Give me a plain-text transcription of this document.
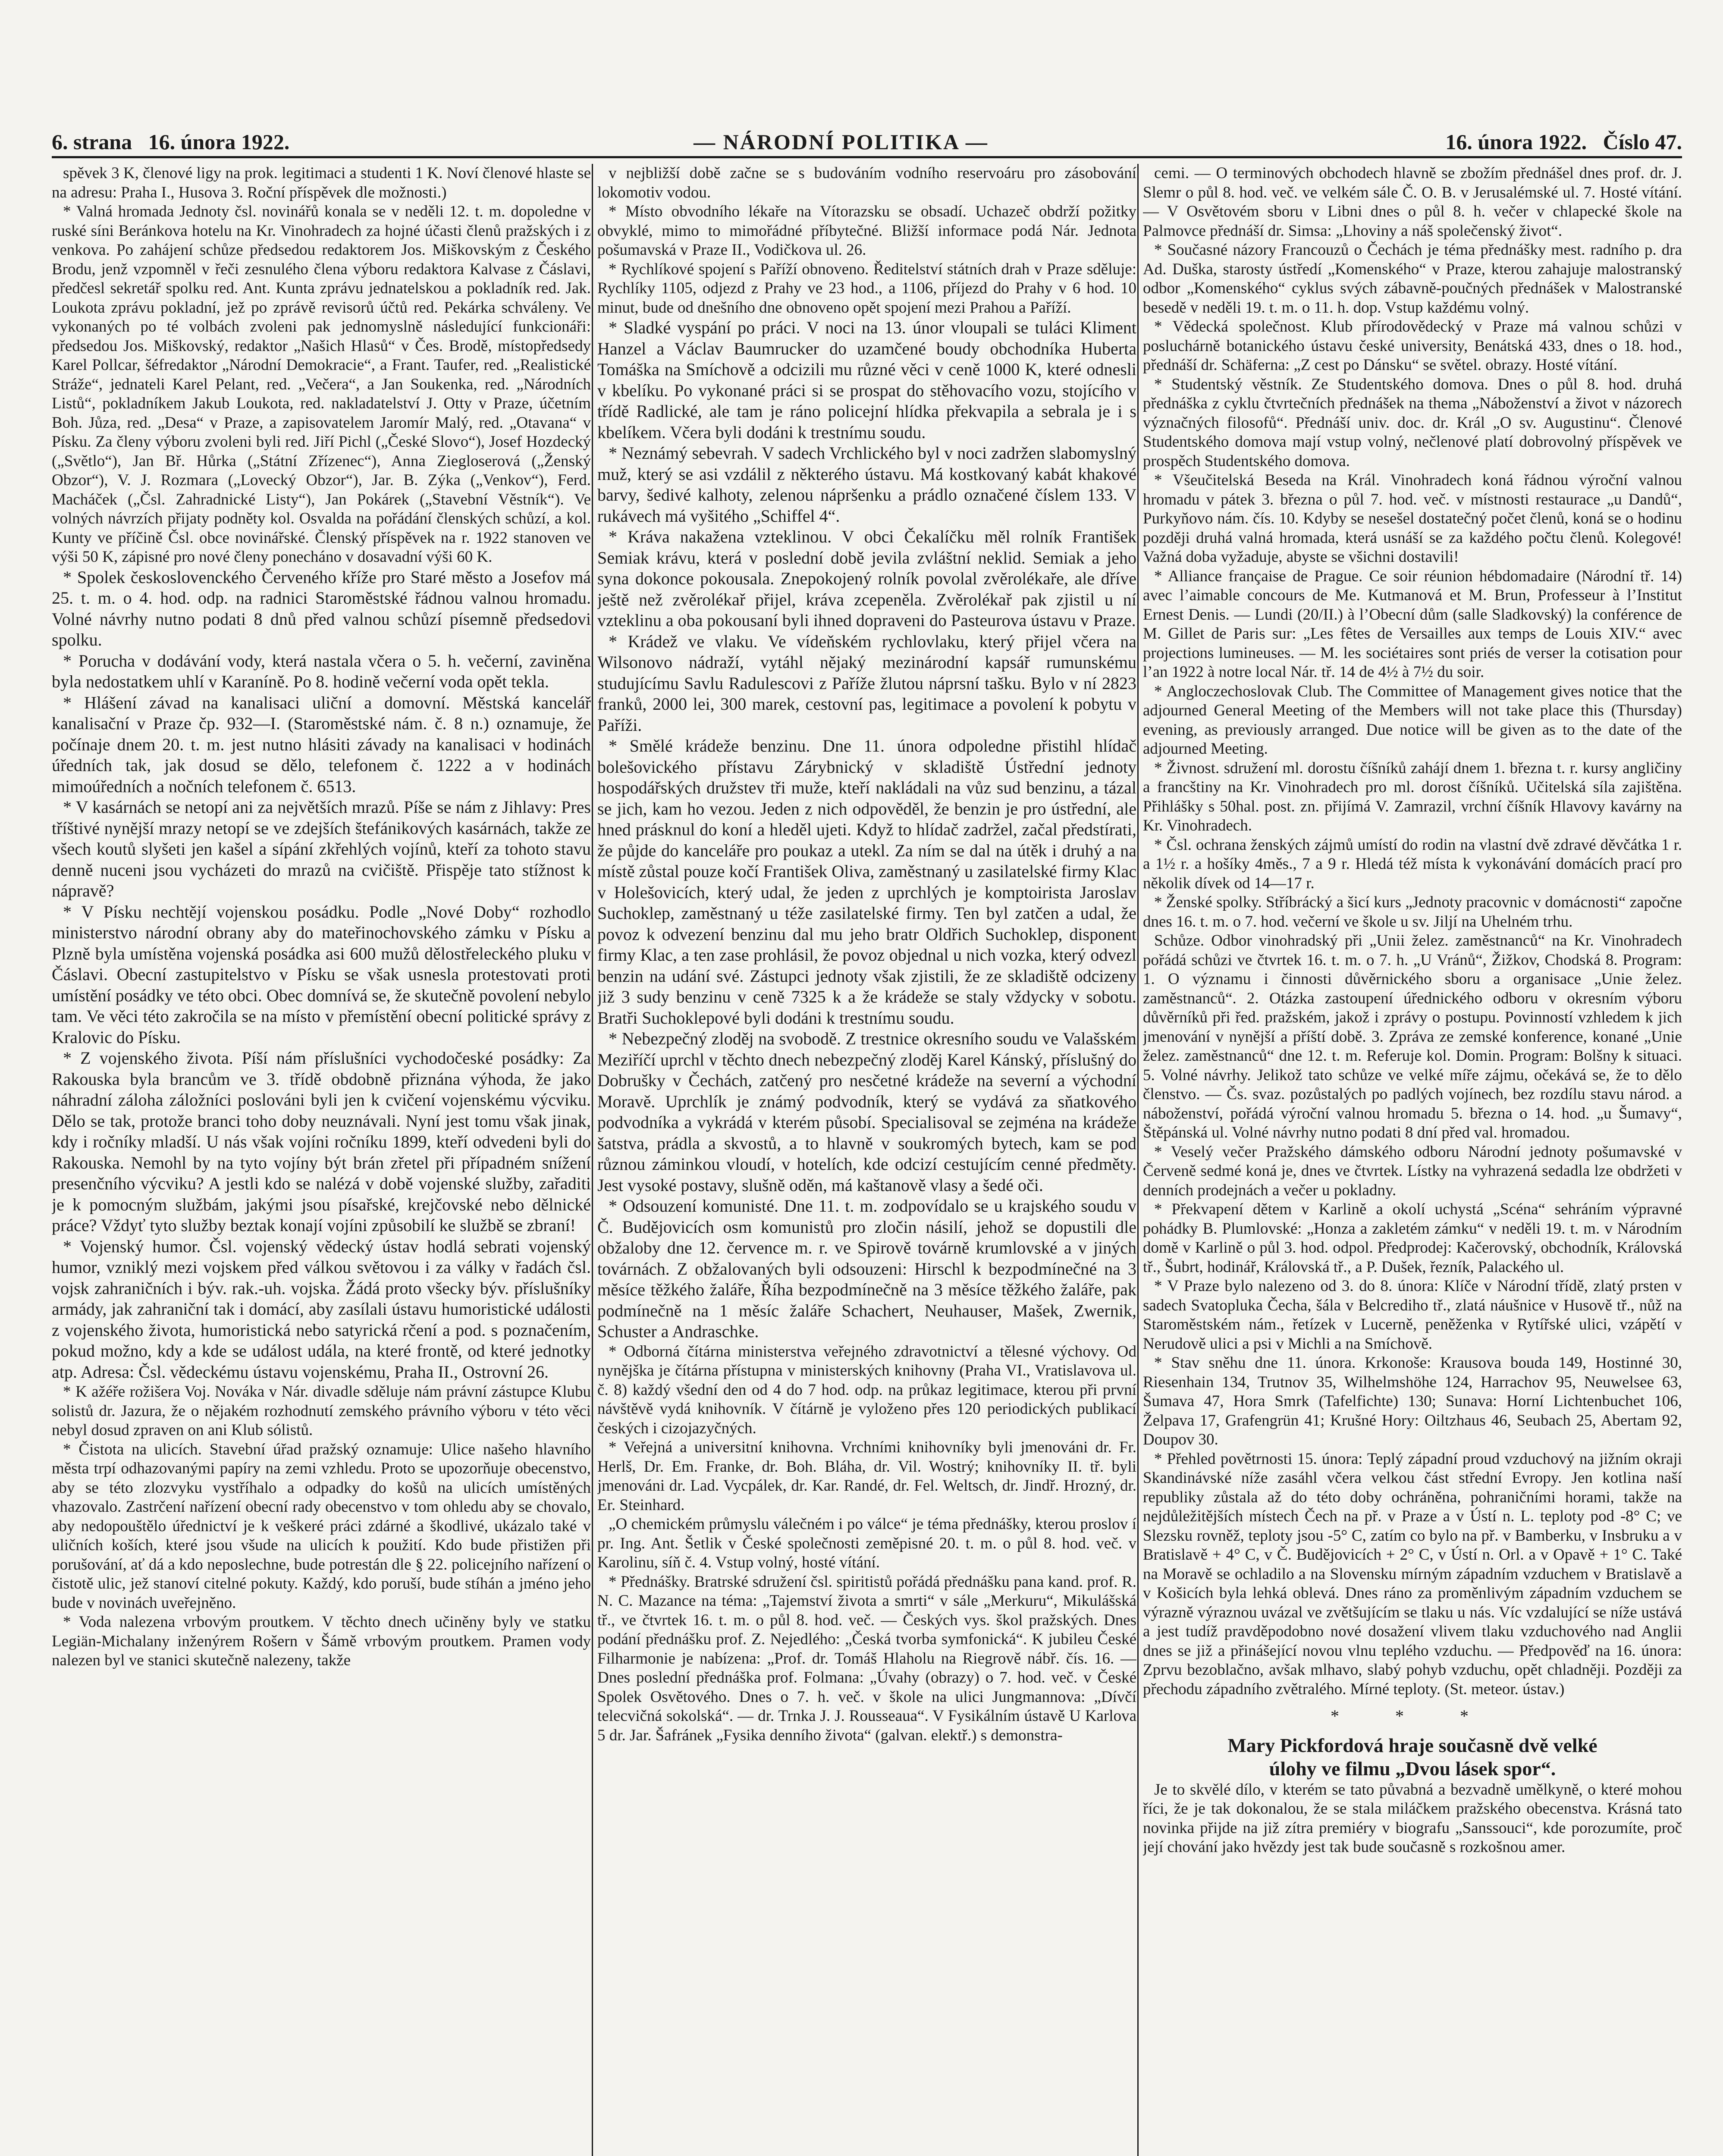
6. strana 16. února 1922.	— NÁRODNÍ POLITIKA —	16. února 1922. Číslo 47.

spěvek 3 K, členové ligy na prok. legitimaci a studenti 1 K. Noví členové hlaste se na adresu: Praha I., Husova 3. Roční příspěvek dle možnosti.)

* Valná hromada Jednoty čsl. novinářů konala se v neděli 12. t. m. dopoledne v ruské síni Beránkova hotelu na Kr. Vinohradech za hojné účasti členů pražských i z venkova. Po zahájení schůze předsedou redaktorem Jos. Miškovským z Českého Brodu, jenž vzpomněl v řeči zesnulého člena výboru redaktora Kalvase z Čáslavi, předčesl sekretář spolku red. Ant. Kunta zprávu jednatelskou a pokladník red. Jak. Loukota zprávu pokladní, jež po zprávě revisorů účtů red. Pekárka schváleny. Ve vykonaných po té volbách zvoleni pak jednomyslně následující funkcionáři: předsedou Jos. Miškovský, redaktor „Našich Hlasů“ v Čes. Brodě, místopředsedy Karel Pollcar, šéfredaktor „Národní Demokracie“, a Frant. Taufer, red. „Realistické Stráže“, jednateli Karel Pelant, red. „Večera“, a Jan Soukenka, red. „Národních Listů“, pokladníkem Jakub Loukota, red. nakladatelství J. Otty v Praze, účetním Boh. Jůza, red. „Desa“ v Praze, a zapisovatelem Jaromír Malý, red. „Otavana“ v Písku. Za členy výboru zvoleni byli red. Jiří Pichl („České Slovo“), Josef Hozdecký („Světlo“), Jan Bř. Hůrka („Státní Zřízenec“), Anna Ziegloserová („Ženský Obzor“), V. J. Rozmara („Lovecký Obzor“), Jar. B. Zýka („Venkov“), Ferd. Macháček („Čsl. Zahradnické Listy“), Jan Pokárek („Stavební Věstník“). Ve volných návrzích přijaty podněty kol. Osvalda na pořádání členských schůzí, a kol. Kunty ve příčině Čsl. obce novinářské. Členský příspěvek na r. 1922 stanoven ve výši 50 K, zápisné pro nové členy ponecháno v dosavadní výši 60 K.

* Spolek českoslovenckého Červeného kříže pro Staré město a Josefov má 25. t. m. o 4. hod. odp. na radnici Staroměstské řádnou valnou hromadu. Volné návrhy nutno podati 8 dnů před valnou schůzí písemně předsedovi spolku.

* Porucha v dodávání vody, která nastala včera o 5. h. večerní, zaviněna byla nedostatkem uhlí v Karaníně. Po 8. hodině večerní voda opět tekla.

* Hlášení závad na kanalisaci uliční a domovní. Městská kancelář kanalisační v Praze čp. 932—I. (Staroměstské nám. č. 8 n.) oznamuje, že počínaje dnem 20. t. m. jest nutno hlásiti závady na kanalisaci v hodinách úředních tak, jak dosud se dělo, telefonem č. 1222 a v hodinách mimoúředních a nočních telefonem č. 6513.

* V kasárnách se netopí ani za největších mrazů. Píše se nám z Jihlavy: Pres tříštivé nynější mrazy netopí se ve zdejších štefánikových kasárnách, takže ze všech koutů slyšeti jen kašel a sípání zkřehlých vojínů, kteří za tohoto stavu denně nuceni jsou vycházeti do mrazů na cvičiště. Přispěje tato stížnost k nápravě?

* V Písku nechtějí vojenskou posádku. Podle „Nové Doby“ rozhodlo ministerstvo národní obrany aby do mateřinochovského zámku v Písku a Plzně byla umístěna vojenská posádka asi 600 mužů dělostřeleckého pluku v Čáslavi. Obecní zastupitelstvo v Písku se však usnesla protestovati proti umístění posádky ve této obci. Obec domnívá se, že skutečně povolení nebylo tam. Ve věci této zakročila se na místo v přemístění obecní politické správy z Kralovic do Písku.

* Z vojenského života. Píší nám příslušníci vychodočeské posádky: Za Rakouska byla brancům ve 3. třídě obdobně přiznána výhoda, že jako náhradní záloha záložníci poslováni byli jen k cvičení vojenskému výcviku. Dělo se tak, protože branci toho doby neuznávali. Nyní jest tomu však jinak, kdy i ročníky mladší. U nás však vojíni ročníku 1899, kteří odvedeni byli do Rakouska. Nemohl by na tyto vojíny být brán zřetel při případném snížení presenčního výcviku? A jestli kdo se nalézá v době vojenské služby, zařaditi je k pomocným službám, jakými jsou písařské, krejčovské nebo dělnické práce? Vždyť tyto služby beztak konají vojíni způsobilí ke službě se zbraní!

* Vojenský humor. Čsl. vojenský vědecký ústav hodlá sebrati vojenský humor, vzniklý mezi vojskem před válkou světovou i za války v řadách čsl. vojsk zahraničních i býv. rak.-uh. vojska. Žádá proto všecky býv. příslušníky armády, jak zahraniční tak i domácí, aby zasílali ústavu humoristické události z vojenského života, humoristická nebo satyrická rčení a pod. s poznačením, pokud možno, kdy a kde se událost udála, na které frontě, od které jednotky atp. Adresa: Čsl. vědeckému ústavu vojenskému, Praha II., Ostrovní 26.

* K ažéře rožišera Voj. Nováka v Nár. divadle sděluje nám právní zástupce Klubu solistů dr. Jazura, že o nějakém rozhodnutí zemského právního výboru v této věci nebyl dosud zpraven on ani Klub sólistů.

* Čistota na ulicích. Stavební úřad pražský oznamuje: Ulice našeho hlavního města trpí odhazovanými papíry na zemi vzhledu. Proto se upozorňuje obecenstvo, aby se této zlozvyku vystříhalo a odpadky do košů na ulicích umístěných vhazovalo. Zastrčení nařízení obecní rady obecenstvo v tom ohledu aby se chovalo, aby nedopouštělo úřednictví je k veškeré práci zdárné a škodlivé, ukázalo také v uličních koších, které jsou všude na ulicích k použití. Kdo bude přistižen při porušování, ať dá a kdo neposlechne, bude potrestán dle § 22. policejního nařízení o čistotě ulic, jež stanoví citelné pokuty. Každý, kdo poruší, bude stíhán a jméno jeho bude v novinách uveřejněno.

* Voda nalezena vrbovým proutkem. V těchto dnech učiněny byly ve statku Legiän-Michalany inženýrem Rošern v Šámě vrbovým proutkem. Pramen vody nalezen byl ve stanici skutečně nalezeny, takže

v nejbližší době začne se s budováním vodního reservoáru pro zásobování lokomotiv vodou.

* Místo obvodního lékaře na Vítorazsku se obsadí. Uchazeč obdrží požitky obvyklé, mimo to mimořádné příbytečné. Bližší informace podá Nár. Jednota pošumavská v Praze II., Vodičkova ul. 26.

* Rychlíkové spojení s Paříží obnoveno. Ředitelství státních drah v Praze sděluje: Rychlíky 1105, odjezd z Prahy ve 23 hod., a 1106, příjezd do Prahy v 6 hod. 10 minut, bude od dnešního dne obnoveno opět spojení mezi Prahou a Paříží.

* Sladké vyspání po práci. V noci na 13. únor vloupali se tuláci Kliment Hanzel a Václav Baumrucker do uzamčené boudy obchodníka Huberta Tomáška na Smíchově a odcizili mu různé věci v ceně 1000 K, které odnesli v kbelíku. Po vykonané práci si se prospat do stěhovacího vozu, stojícího v třídě Radlické, ale tam je ráno policejní hlídka překvapila a sebrala je i s kbelíkem. Včera byli dodáni k trestnímu soudu.

* Neznámý sebevrah. V sadech Vrchlického byl v noci zadržen slabomyslný muž, který se asi vzdálil z některého ústavu. Má kostkovaný kabát khakové barvy, šedivé kalhoty, zelenou nápršenku a prádlo označené číslem 133. V rukávech má vyšitého „Schiffel 4“.

* Kráva nakažena vzteklinou. V obci Čekalíčku měl rolník František Semiak krávu, která v poslední době jevila zvláštní neklid. Semiak a jeho syna dokonce pokousala. Znepokojený rolník povolal zvěrolékaře, ale dříve ještě než zvěrolékař přijel, kráva zcepeněla. Zvěrolékař pak zjistil u ní vzteklinu a oba pokousaní byli ihned dopraveni do Pasteurova ústavu v Praze.

* Krádež ve vlaku. Ve vídeňském rychlovlaku, který přijel včera na Wilsonovo nádraží, vytáhl nějaký mezinárodní kapsář rumunskému studujícímu Savlu Radulescovi z Paříže žlutou náprsní tašku. Bylo v ní 2823 franků, 2000 lei, 300 marek, cestovní pas, legitimace a povolení k pobytu v Paříži.

* Smělé krádeže benzinu. Dne 11. února odpoledne přistihl hlídač bolešovického přístavu Zárybnický v skladiště Ústřední jednoty hospodářských družstev tři muže, kteří nakládali na vůz sud benzinu, a tázal se jich, kam ho vezou. Jeden z nich odpověděl, že benzin je pro ústřední, ale hned prásknul do koní a hleděl ujeti. Když to hlídač zadržel, začal předstírati, že půjde do kanceláře pro poukaz a utekl. Za ním se dal na útěk i druhý a na místě zůstal pouze kočí František Oliva, zaměstnaný u zasilatelské firmy Klac v Holešovicích, který udal, že jeden z uprchlých je komptoirista Jaroslav Suchoklep, zaměstnaný u téže zasilatelské firmy. Ten byl zatčen a udal, že povoz k odvezení benzinu dal mu jeho bratr Oldřich Suchoklep, disponent firmy Klac, a ten zase prohlásil, že povoz objednal u nich vozka, který odvezl benzin na udání své. Zástupci jednoty však zjistili, že ze skladiště odcizeny již 3 sudy benzinu v ceně 7325 k a že krádeže se staly vždycky v sobotu. Bratři Suchoklepové byli dodáni k trestnímu soudu.

* Nebezpečný zloděj na svobodě. Z trestnice okresního soudu ve Valašském Meziříčí uprchl v těchto dnech nebezpečný zloděj Karel Kánský, příslušný do Dobrušky v Čechách, zatčený pro nesčetné krádeže na severní a východní Moravě. Uprchlík je známý podvodník, který se vydává za sňatkového podvodníka a vykrádá v kterém působí. Specialisoval se zejména na krádeže šatstva, prádla a skvostů, a to hlavně v soukromých bytech, kam se pod různou záminkou vloudí, v hotelích, kde odcizí cestujícím cenné předměty. Jest vysoké postavy, slušně oděn, má kaštanově vlasy a šedé oči.

* Odsouzení komunisté. Dne 11. t. m. zodpovídalo se u krajského soudu v Č. Budějovicích osm komunistů pro zločin násilí, jehož se dopustili dle obžaloby dne 12. července m. r. ve Spirově továrně krumlovské a v jiných továrnách. Z obžalovaných byli odsouzeni: Hirschl k bezpodmínečné na 3 měsíce těžkého žaláře, Říha bezpodmínečně na 3 měsíce těžkého žaláře, pak podmínečně na 1 měsíc žaláře Schachert, Neuhauser, Mašek, Zwernik, Schuster a Andraschke.

* Odborná čítárna ministerstva veřejného zdravotnictví a tělesné výchovy. Od nynějška je čítárna přístupna v ministerských knihovny (Praha VI., Vratislavova ul. č. 8) každý všední den od 4 do 7 hod. odp. na průkaz legitimace, kterou při první návštěvě vydá knihovník. V čítárně je vyloženo přes 120 periodických publikací českých i cizojazyčných.

* Veřejná a universitní knihovna. Vrchními knihovníky byli jmenováni dr. Fr. Herlš, Dr. Em. Franke, dr. Boh. Bláha, dr. Vil. Wostrý; knihovníky II. tř. byli jmenováni dr. Lad. Vycpálek, dr. Kar. Randé, dr. Fel. Weltsch, dr. Jindř. Hrozný, dr. Er. Steinhard.

„O chemickém průmyslu válečném i po válce“ je téma přednášky, kterou proslov í pr. Ing. Ant. Šetlik v České společnosti zeměpisné 20. t. m. o půl 8. hod. več. v Karolinu, síň č. 4. Vstup volný, hosté vítání.

* Přednášky. Bratrské sdružení čsl. spiritistů pořádá přednášku pana kand. prof. R. N. C. Mazance na téma: „Tajemství života a smrti“ v sále „Merkuru“, Mikulášská tř., ve čtvrtek 16. t. m. o půl 8. hod. več. — Českých vys. škol pražských. Dnes podání přednášku prof. Z. Nejedlého: „Česká tvorba symfonická“. K jubileu České Filharmonie je nabízena: „Prof. dr. Tomáš Hlaholu na Riegrově nábř. čís. 16. — Dnes poslední přednáška prof. Folmana: „Úvahy (obrazy) o 7. hod. več. v České Spolek Osvětového. Dnes o 7. h. več. v škole na ulici Jungmannova: „Dívčí telecvičná sokolská“. — dr. Trnka J. J. Rousseaua“. V Fysikálním ústavě U Karlova 5 dr. Jar. Šafránek „Fysika denního života“ (galvan. elektř.) s demonstra-

cemi. — O terminových obchodech hlavně se zbožím přednášel dnes prof. dr. J. Slemr o půl 8. hod. več. ve velkém sále Č. O. B. v Jerusalémské ul. 7. Hosté vítání. — V Osvětovém sboru v Libni dnes o půl 8. h. večer v chlapecké škole na Palmovce přednáší dr. Simsa: „Lhoviny a náš společenský život“.

* Současné názory Francouzů o Čechách je téma přednášky mest. radního p. dra Ad. Duška, starosty ústředí „Komenského“ v Praze, kterou zahajuje malostranský odbor „Komenského“ cyklus svých zábavně-poučných přednášek v Malostranské besedě v neděli 19. t. m. o 11. h. dop. Vstup každému volný.

* Vědecká společnost. Klub přírodovědecký v Praze má valnou schůzi v posluchárně botanického ústavu české university, Benátská 433, dnes o 18. hod., přednáší dr. Schäferna: „Z cest po Dánsku“ se světel. obrazy. Hosté vítání.

* Studentský věstník. Ze Studentského domova. Dnes o půl 8. hod. druhá přednáška z cyklu čtvrtečních přednášek na thema „Náboženství a život v názorech význačných filosofů“. Přednáší univ. doc. dr. Král „O sv. Augustinu“. Členové Studentského domova mají vstup volný, nečlenové platí dobrovolný příspěvek ve prospěch Studentského domova.

* Všeučitelská Beseda na Král. Vinohradech koná řádnou výroční valnou hromadu v pátek 3. března o půl 7. hod. več. v místnosti restaurace „u Dandů“, Purkyňovo nám. čís. 10. Kdyby se nesešel dostatečný počet členů, koná se o hodinu později druhá valná hromada, která usnáší se za každého počtu členů. Kolegové! Važná doba vyžaduje, abyste se všichni dostavili!

* Alliance française de Prague. Ce soir réunion hébdomadaire (Národní tř. 14) avec l’aimable concours de Me. Kutmanová et M. Brun, Professeur à l’Institut Ernest Denis. — Lundi (20/II.) à l’Obecní dům (salle Sladkovský) la conférence de M. Gillet de Paris sur: „Les fêtes de Versailles aux temps de Louis XIV.“ avec projections lumineuses. — M. les sociétaires sont priés de verser la cotisation pour l’an 1922 à notre local Nár. tř. 14 de 4½ à 7½ du soir.

* Angloczechoslovak Club. The Committee of Management gives notice that the adjourned General Meeting of the Members will not take place this (Thursday) evening, as previously arranged. Due notice will be given as to the date of the adjourned Meeting.

* Živnost. sdružení ml. dorostu číšníků zahájí dnem 1. března t. r. kursy angličiny a francštiny na Kr. Vinohradech pro ml. dorost číšníků. Učitelská síla zajištěna. Přihlášky s 50hal. post. zn. přijímá V. Zamrazil, vrchní číšník Hlavovy kavárny na Kr. Vinohradech.

* Čsl. ochrana ženských zájmů umístí do rodin na vlastní dvě zdravé děvčátka 1 r. a 1½ r. a hošíky 4měs., 7 a 9 r. Hledá též místa k vykonávání domácích prací pro několik dívek od 14—17 r.

* Ženské spolky. Stříbrácký a šicí kurs „Jednoty pracovnic v domácnosti“ započne dnes 16. t. m. o 7. hod. večerní ve škole u sv. Jiljí na Uhelném trhu.

Schůze. Odbor vinohradský při „Unii želez. zaměstnanců“ na Kr. Vinohradech pořádá schůzi ve čtvrtek 16. t. m. o 7. h. „U Vránů“, Žižkov, Chodská 8. Program: 1. O významu i činnosti důvěrnického sboru a organisace „Unie želez. zaměstnanců“. 2. Otázka zastoupení úřednického odboru v okresním výboru důvěrníků při řed. pražském, jakož i zprávy o postupu. Povinností vzhledem k jich jmenování v nynější a příští době. 3. Zpráva ze zemské konference, konané „Unie želez. zaměstnanců“ dne 12. t. m. Referuje kol. Domin. Program: Bolšny k situaci. 5. Volné návrhy. Jelikož tato schůze ve velké míře zájmu, očekává se, že to dělo členstvo. — Čs. svaz. pozůstalých po padlých vojínech, bez rozdílu stavu národ. a náboženství, pořádá výroční valnou hromadu 5. března o 14. hod. „u Šumavy“, Štěpánská ul. Volné návrhy nutno podati 8 dní před val. hromadou.

* Veselý večer Pražského dámského odboru Národní jednoty pošumavské v Červeně sedmé koná je, dnes ve čtvrtek. Lístky na vyhrazená sedadla lze obdržeti v denních prodejnách a večer u pokladny.

* Překvapení dětem v Karlině a okolí uchystá „Scéna“ sehráním výpravné pohádky B. Plumlovské: „Honza a zakletém zámku“ v neděli 19. t. m. v Národním domě v Karlině o půl 3. hod. odpol. Předprodej: Kačerovský, obchodník, Královská tř., Šubrt, hodinář, Královská tř., a P. Dušek, řezník, Palackého ul.

* V Praze bylo nalezeno od 3. do 8. února: Klíče v Národní třídě, zlatý prsten v sadech Svatopluka Čecha, šála v Belcrediho tř., zlatá náušnice v Husově tř., nůž na Staroměstském nám., řetízek v Lucerně, peněženka v Rytířské ulici, vzápětí v Nerudově ulici a psi v Michli a na Smíchově.

* Stav sněhu dne 11. února. Krkonoše: Krausova bouda 149, Hostinné 30, Riesenhain 134, Trutnov 35, Wilhelmshöhe 124, Harrachov 95, Neuwelsee 63, Šumava 47, Hora Smrk (Tafelfichte) 130; Sunava: Horní Lichtenbuchet 106, Želpava 17, Grafengrün 41; Krušné Hory: Oiltzhaus 46, Seubach 25, Abertam 92, Doupov 30.

* Přehled povětrnosti 15. února: Teplý západní proud vzduchový na jižním okraji Skandinávské níže zasáhl včera velkou část střední Evropy. Jen kotlina naší republiky zůstala až do této doby ochráněna, pohraničními horami, takže na nejdůležitějších místech Čech na př. v Praze a v Ústí n. L. teploty pod -8° C; ve Slezsku rovněž, teploty jsou -5° C, zatím co bylo na př. v Bamberku, v Insbruku a v Bratislavě + 4° C, v Č. Budějovicích + 2° C, v Ústí n. Orl. a v Opavě + 1° C. Také na Moravě se ochladilo a na Slovensku mírným západním vzduchem v Bratislavě a v Košicích byla lehká oblevá. Dnes ráno za proměnlivým západním vzduchem se výrazně výraznou uvázal ve zvětšujícím se tlaku u nás. Víc vzdalující se níže ustává a jest tudíž pravděpodobno nové dosažení vlivem tlaku vzduchového nad Anglii dnes se již a přinášející novou vlnu teplého vzduchu. — Předpověď na 16. února: Zprvu bezoblačno, avšak mlhavo, slabý pohyb vzduchu, opět chladněji. Později za přechodu západního zvětralého. Mírné teploty. (St. meteor. ústav.)

* * *

Mary Pickfordová hraje současně dvě velké

úlohy ve filmu „Dvou lásek spor“.

Je to skvělé dílo, v kterém se tato půvabná a bezvadně umělkyně, o které mohou říci, že je tak dokonalou, že se stala miláčkem pražského obecenstva. Krásná tato novinka přijde na již zítra premiéry v biografu „Sanssouci“, kde porozumíte, proč její chování jako hvězdy jest tak bude současně s rozkošnou amer.
